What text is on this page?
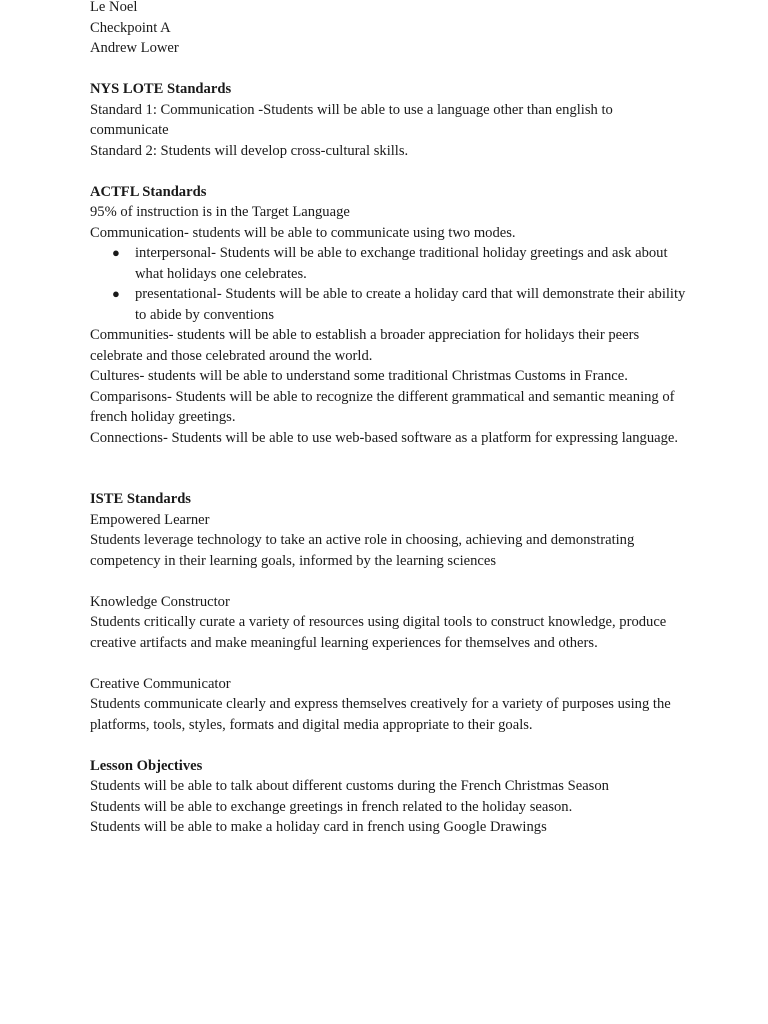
Le Noel
Checkpoint A
Andrew Lower
NYS LOTE Standards
Standard 1: Communication -Students will be able to use a language other than english to communicate
Standard 2: Students will develop cross-cultural skills.
ACTFL Standards
95% of instruction is in the Target Language
Communication- students will be able to communicate using two modes.
● interpersonal- Students will be able to exchange traditional holiday greetings and ask about what holidays one celebrates.
● presentational- Students will be able to create a holiday card that will demonstrate their ability to abide by conventions
Communities- students will be able to establish a broader appreciation for holidays their peers celebrate and those celebrated around the world.
Cultures- students will be able to understand some traditional Christmas Customs in France.
Comparisons- Students will be able to recognize the different grammatical and semantic meaning of french holiday greetings.
Connections- Students will be able to use web-based software as a platform for expressing language.
ISTE Standards
Empowered Learner
Students leverage technology to take an active role in choosing, achieving and demonstrating competency in their learning goals, informed by the learning sciences
Knowledge Constructor
Students critically curate a variety of resources using digital tools to construct knowledge, produce creative artifacts and make meaningful learning experiences for themselves and others.
Creative Communicator
Students communicate clearly and express themselves creatively for a variety of purposes using the platforms, tools, styles, formats and digital media appropriate to their goals.
Lesson Objectives
Students will be able to talk about different customs during the French Christmas Season
Students will be able to exchange greetings in french related to the holiday season.
Students will be able to make a holiday card in french using Google Drawings
